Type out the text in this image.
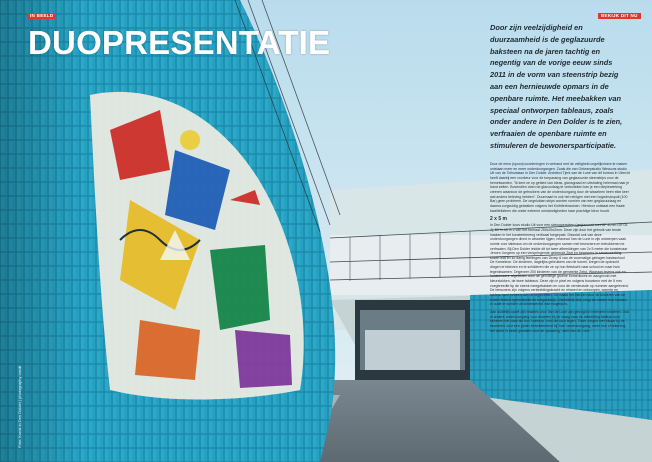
IN BEELD	BEKIJK DIT NU
DUOPRESENTATIE
Foto: Kunst in Den Dolder | photography credit

Door zijn veelzijdigheid en duurzaamheid is de geglazuurde baksteen na de jaren tachtig en negentig van de vorige eeuw sinds 2011 in de vorm van steenstrip bezig aan een hernieuwde opmars in de openbare ruimte. Het meebakken van speciaal ontworpen tableaus, zoals onder andere in Den Dolder is te zien, verfraaien de openbare ruimte en stimuleren de bewonersparticipatie.

Door de eens (spoor)voorzieningen in verband met de veiligheid ongelijkvloers te maken ontstaan meer en meer onderdoorgangen. Zoals die van Ontwerpstudio Wessons studio Uit van de Tolhuislaan in Den Dolder. Architect Tjerk van de Lune van dit bureau in Utrecht heeft daarbij een voorkeur voor de toepassing van geglazuurde steenstrips voor de hemelwanden. "Ik kent ze op gebied van ideas, glansgraad en uitstraling helemaal naar je hand zetten. Bovendien doen de glazuurlaag te verbuiteken kan je een diepiewerking creeren waardoor de gebruikers van de onderdoorgang door de wisseleen heen elke keer wat anders beleving hebben". Duurmaart is ook het reinigen met een hogedrukspuit (100 Bar) geen probleem. De ongeluktan strips worden ronnien van een geglazuurlaag en daarna zorgvuldig gebakken volgens het Koltriterbrauinen. Hierdoor ontstaat een fraaie kwaliteitsteen die onder extreme omstandigheden haar prachtige kleur houdt.

2 x 5 m

In Den Dolder koos studio Uit voor een strengpersteen (geglazuurd met GF 40 en GR 03 J), 50 % 45 % 2 van het formaat 250x25x2mm. Deze zijn door het gebruik van tende haaken in het kunstenbereng verticaal toegepast. Dissolat ook van deze onderdoorgangen direct in wisselen lijgen, relaxead Van de Lune in zijn ontwerpen vaak ruimte voor tableaus om de onderdoorgangen samen met bewoners en betrokkenen te verfraaien. Bij Den Dolder leidde dit tot twee afbeeldingen van 2x 5 meter die kunstenaar Jeroen Jongens op een verspringende gekeerde Zeel en bewoners in samenwerking kozen wat en zo danig leerlingen van Groep 6 van de voormalige gebogen basisschool De Kameleon. De kinderen, dagelijks gebruikers van de tunnel, kregen de opdracht dingen te tekenen en te schilderen die ze op hun fietstocht naar school en naar huis tegenkwamen. Ongeveer 200 kinderen van de gemeente Zeist, Waaraan tevens ook en kunstenaars, afgeleiden door de gevoelige groene bomenkwint en aangevuld met kleurstokken, de twee tableaus. Deze zijn in pixel en volgens bouwkeur met de 5 mm voegbreedte tip de strenk meegebakken en voor de vernieuwde op nummer aangeleverd. De bewoners zijn volgens verbeeldingskracht en relaxed en ontworpen, warmte en tableau kunt hebben aan de tegelzetten. Dit maakt het kleuren door de kinderen van de muren tevens rgenereerde en toegankelijk. Uiteindelijk strip zorgt de manier hoe kunnen in oude te worden uit kinderwereld wat mogelijk is.

Aan duidelijk opzet zijn reacties voor Van de Lune zijn gevolgd in meerdere kinderen. Ook in andere onderdoorgang voor anderen bij de vraag naar de afbeelding tableau kost kinderen het vaak als hun 'ontwerp' rond die toch tegen. 'Deze zorgen met elkaar bij de bewoners voor een groter betrokkenheid bij 'hun' onderdoorgang, meer hoe of tekening, het werkt in beide gevallen voor de oplossing', stelt Van de Lune.
